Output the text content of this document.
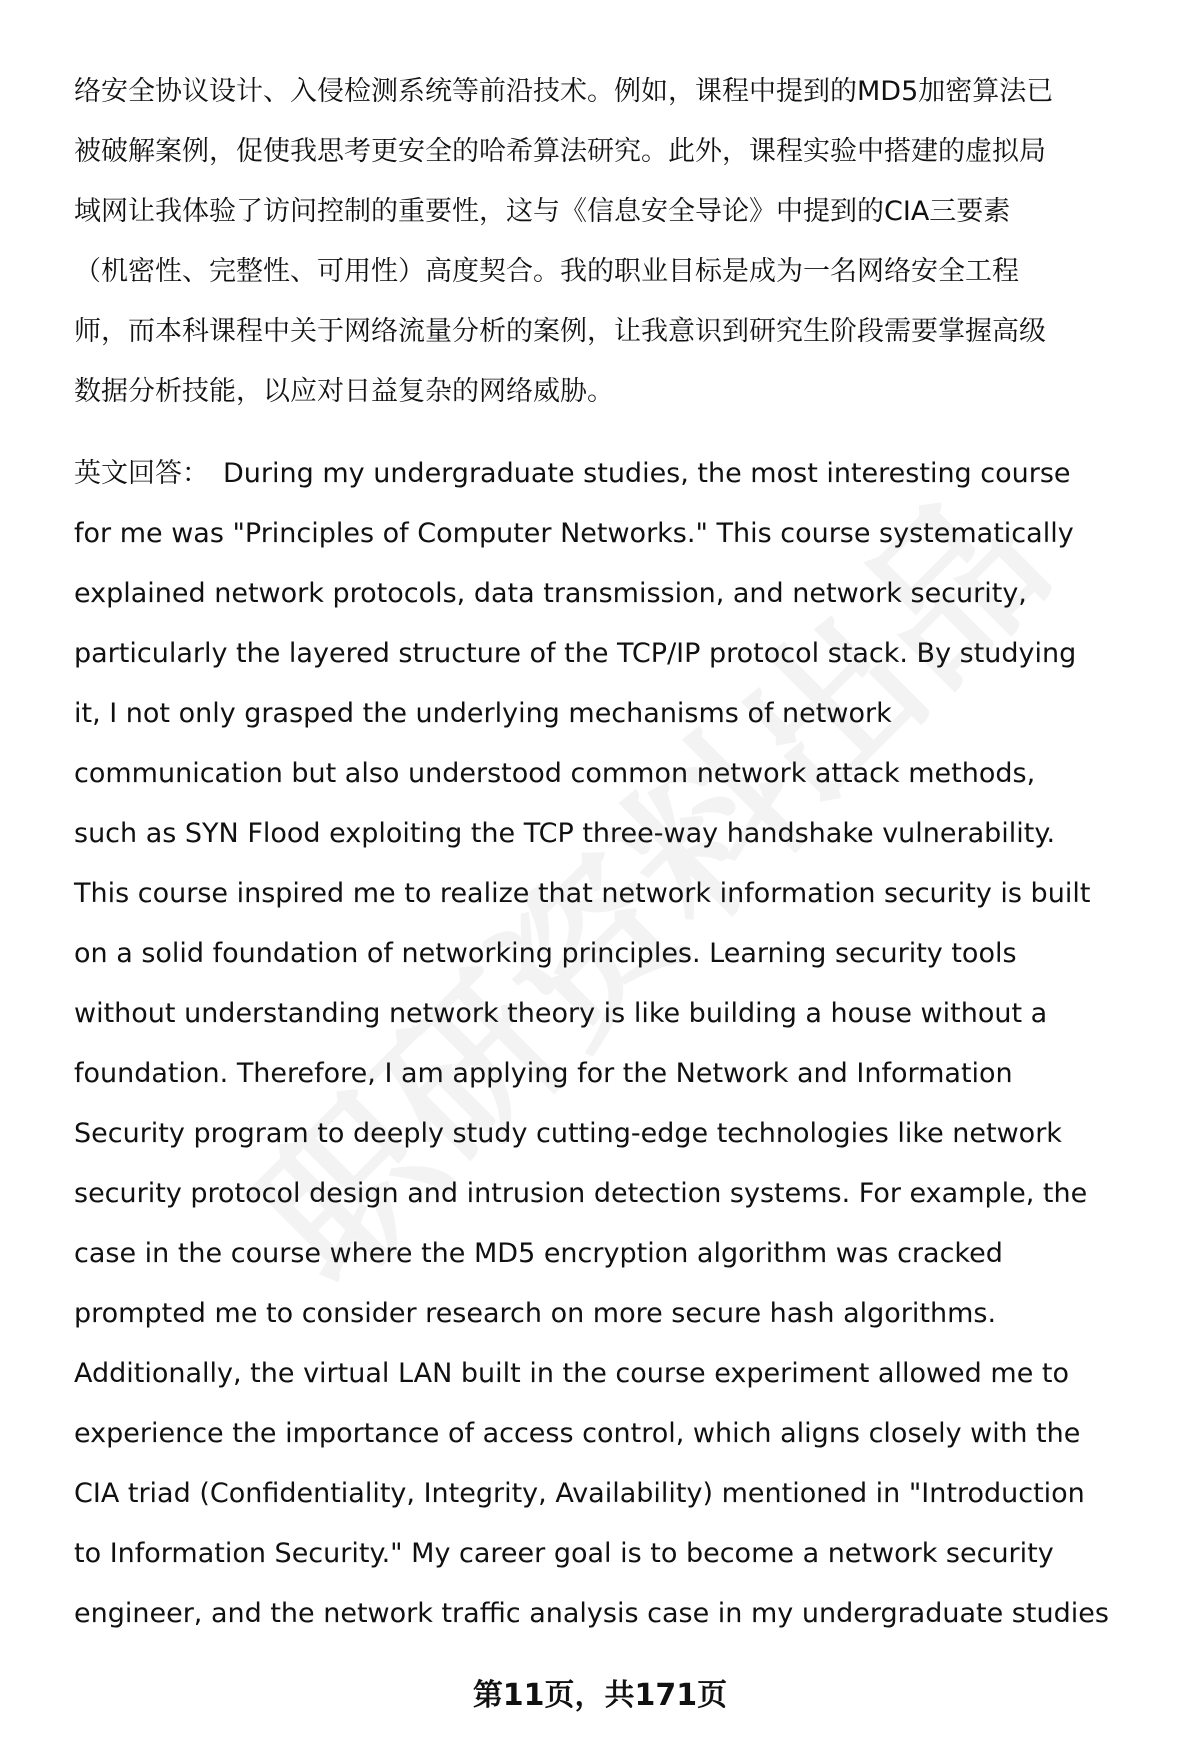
络安全协议设计、入侵检测系统等前沿技术。例如，课程中提到的MD5加密算法已
被破解案例，促使我思考更安全的哈希算法研究。此外，课程实验中搭建的虚拟局
域网让我体验了访问控制的重要性，这与《信息安全导论》中提到的CIA三要素
（机密性、完整性、可用性）高度契合。我的职业目标是成为一名网络安全工程
师，而本科课程中关于网络流量分析的案例，让我意识到研究生阶段需要掌握高级
数据分析技能，以应对日益复杂的网络威胁。
英文回答： During my undergraduate studies, the most interesting course
for me was "Principles of Computer Networks." This course systematically
explained network protocols, data transmission, and network security,
particularly the layered structure of the TCP/IP protocol stack. By studying
it, I not only grasped the underlying mechanisms of network
communication but also understood common network attack methods,
such as SYN Flood exploiting the TCP three-way handshake vulnerability.
This course inspired me to realize that network information security is built
on a solid foundation of networking principles. Learning security tools
without understanding network theory is like building a house without a
foundation. Therefore, I am applying for the Network and Information
Security program to deeply study cutting-edge technologies like network
security protocol design and intrusion detection systems. For example, the
case in the course where the MD5 encryption algorithm was cracked
prompted me to consider research on more secure hash algorithms.
Additionally, the virtual LAN built in the course experiment allowed me to
experience the importance of access control, which aligns closely with the
CIA triad (Confidentiality, Integrity, Availability) mentioned in "Introduction
to Information Security." My career goal is to become a network security
engineer, and the network traffic analysis case in my undergraduate studies
第11页，共171页
